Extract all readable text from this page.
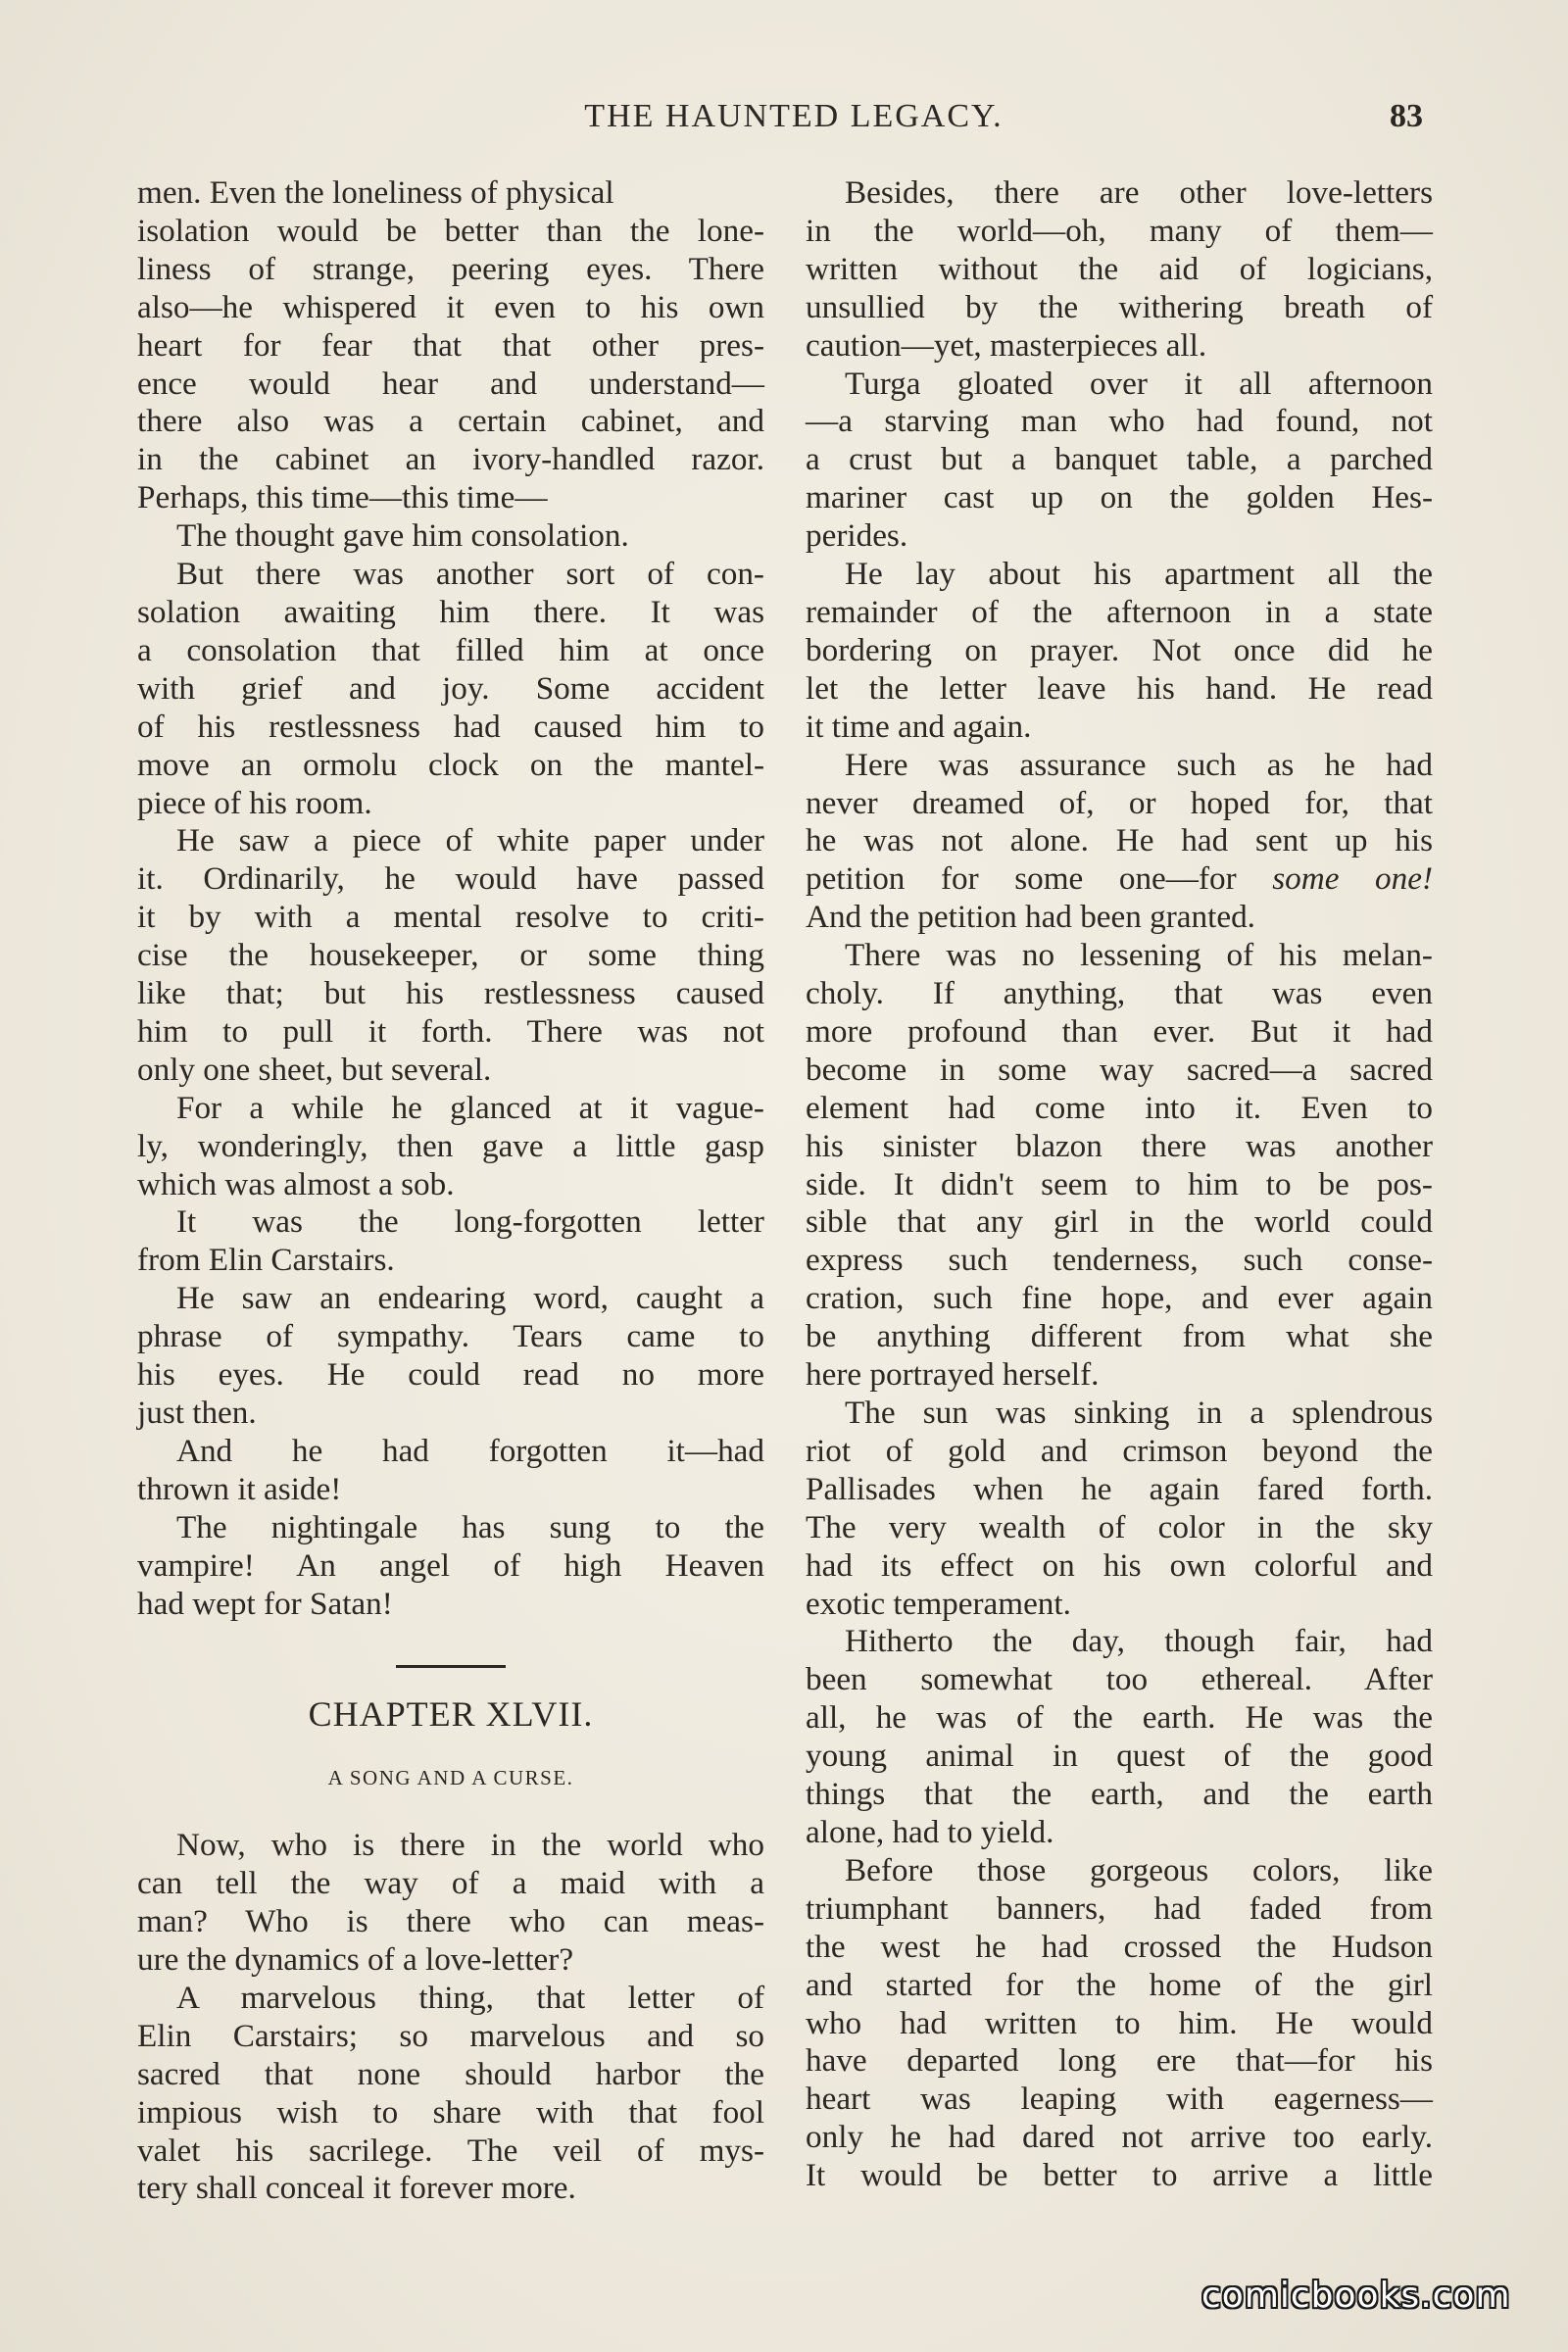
THE HAUNTED LEGACY.	83

men. Even the loneliness of physical

isolation would be better than the lone-

liness of strange, peering eyes. There

also—he whispered it even to his own

heart for fear that that other pres-

ence would hear and understand—

there also was a certain cabinet, and

in the cabinet an ivory-handled razor.

Perhaps, this time—this time—

The thought gave him consolation.

But there was another sort of con-

solation awaiting him there. It was

a consolation that filled him at once

with grief and joy. Some accident

of his restlessness had caused him to

move an ormolu clock on the mantel-

piece of his room.

He saw a piece of white paper under

it. Ordinarily, he would have passed

it by with a mental resolve to criti-

cise the housekeeper, or some thing

like that; but his restlessness caused

him to pull it forth. There was not

only one sheet, but several.

For a while he glanced at it vague-

ly, wonderingly, then gave a little gasp

which was almost a sob.

It was the long-forgotten letter

from Elin Carstairs.

He saw an endearing word, caught a

phrase of sympathy. Tears came to

his eyes. He could read no more

just then.

And he had forgotten it—had

thrown it aside!

The nightingale has sung to the

vampire! An angel of high Heaven

had wept for Satan!

CHAPTER XLVII.
A SONG AND A CURSE.

Now, who is there in the world who

can tell the way of a maid with a

man? Who is there who can meas-

ure the dynamics of a love-letter?

A marvelous thing, that letter of

Elin Carstairs; so marvelous and so

sacred that none should harbor the

impious wish to share with that fool

valet his sacrilege. The veil of mys-

tery shall conceal it forever more.

Besides, there are other love-letters

in the world—oh, many of them—

written without the aid of logicians,

unsullied by the withering breath of

caution—yet, masterpieces all.

Turga gloated over it all afternoon

—a starving man who had found, not

a crust but a banquet table, a parched

mariner cast up on the golden Hes-

perides.

He lay about his apartment all the

remainder of the afternoon in a state

bordering on prayer. Not once did he

let the letter leave his hand. He read

it time and again.

Here was assurance such as he had

never dreamed of, or hoped for, that

he was not alone. He had sent up his

petition for some one—for some one!

And the petition had been granted.

There was no lessening of his melan-

choly. If anything, that was even

more profound than ever. But it had

become in some way sacred—a sacred

element had come into it. Even to

his sinister blazon there was another

side. It didn't seem to him to be pos-

sible that any girl in the world could

express such tenderness, such conse-

cration, such fine hope, and ever again

be anything different from what she

here portrayed herself.

The sun was sinking in a splendrous

riot of gold and crimson beyond the

Pallisades when he again fared forth.

The very wealth of color in the sky

had its effect on his own colorful and

exotic temperament.

Hitherto the day, though fair, had

been somewhat too ethereal. After

all, he was of the earth. He was the

young animal in quest of the good

things that the earth, and the earth

alone, had to yield.

Before those gorgeous colors, like

triumphant banners, had faded from

the west he had crossed the Hudson

and started for the home of the girl

who had written to him. He would

have departed long ere that—for his

heart was leaping with eagerness—

only he had dared not arrive too early.

It would be better to arrive a little

comicbooks.com
